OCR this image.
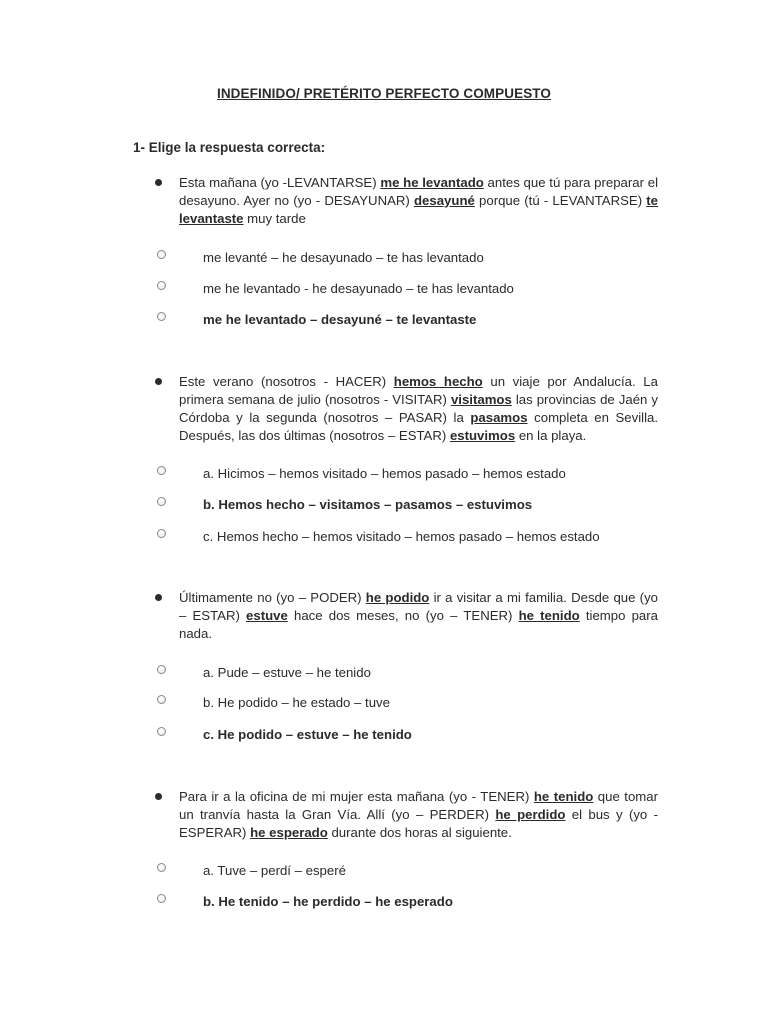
INDEFINIDO/ PRETÉRITO PERFECTO COMPUESTO
1- Elige la respuesta correcta:

Esta mañana (yo -LEVANTARSE) me he levantado antes que tú para preparar el desayuno. Ayer no (yo - DESAYUNAR) desayuné porque (tú - LEVANTARSE) te levantaste muy tarde

me levanté – he desayunado – te has levantado
me he levantado - he desayunado – te has levantado
me he levantado – desayuné – te levantaste

Este verano (nosotros - HACER) hemos hecho un viaje por Andalucía. La primera semana de julio (nosotros - VISITAR) visitamos las provincias de Jaén y Córdoba y la segunda (nosotros – PASAR) la pasamos completa en Sevilla. Después, las dos últimas (nosotros – ESTAR) estuvimos en la playa.

a. Hicimos – hemos visitado – hemos pasado – hemos estado
b. Hemos hecho – visitamos – pasamos – estuvimos
c. Hemos hecho – hemos visitado – hemos pasado – hemos estado

Últimamente no (yo – PODER) he podido ir a visitar a mi familia. Desde que (yo – ESTAR) estuve hace dos meses, no (yo – TENER) he tenido tiempo para nada.

a. Pude – estuve – he tenido
b. He podido – he estado – tuve
c. He podido – estuve – he tenido

Para ir a la oficina de mi mujer esta mañana (yo - TENER) he tenido que tomar un tranvía hasta la Gran Vía. Allí (yo – PERDER) he perdido el bus y (yo - ESPERAR) he esperado durante dos horas al siguiente.

a. Tuve – perdí – esperé
b. He tenido – he perdido – he esperado
